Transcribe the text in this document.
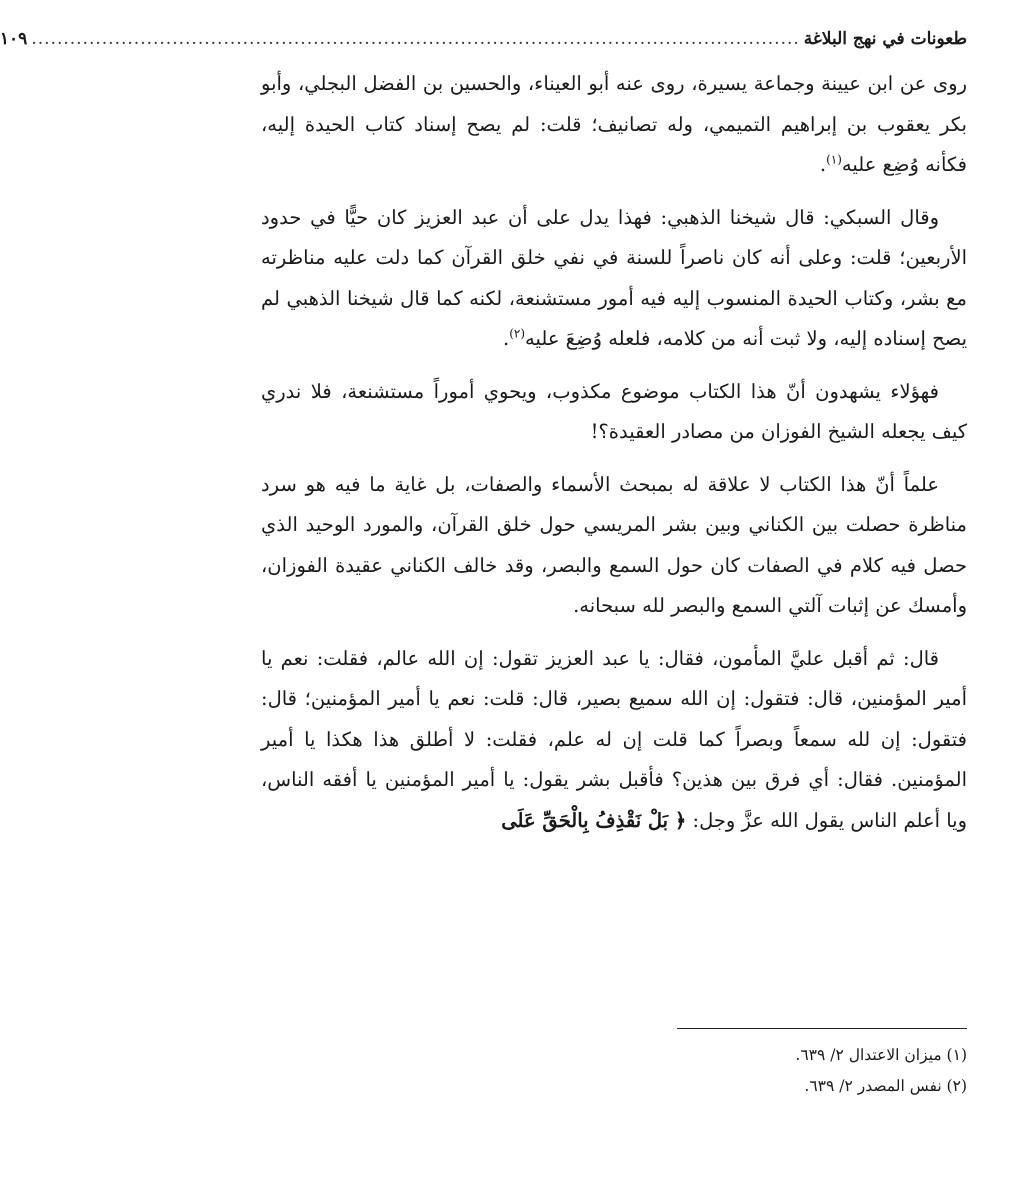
طعونات في نهج البلاغة
........................................................................................................................
١٠٩

روى عن ابن عيينة وجماعة يسيرة، روى عنه أبو العيناء، والحسين بن الفضل البجلي، وأبو بكر يعقوب بن إبراهيم التميمي، وله تصانيف؛ قلت: لم يصح إسناد كتاب الحيدة إليه، فكأنه وُضِع عليه$^{(١)}$.

وقال السبكي: قال شيخنا الذهبي: فهذا يدل على أن عبد العزيز كان حيًّا في حدود الأربعين؛ قلت: وعلى أنه كان ناصراً للسنة في نفي خلق القرآن كما دلت عليه مناظرته مع بشر، وكتاب الحيدة المنسوب إليه فيه أمور مستشنعة، لكنه كما قال شيخنا الذهبي لم يصح إسناده إليه، ولا ثبت أنه من كلامه، فلعله وُضِعَ عليه$^{(٢)}$.

فهؤلاء يشهدون أنّ هذا الكتاب موضوع مكذوب، ويحوي أموراً مستشنعة، فلا ندري كيف يجعله الشيخ الفوزان من مصادر العقيدة؟!

علماً أنّ هذا الكتاب لا علاقة له بمبحث الأسماء والصفات، بل غاية ما فيه هو سرد مناظرة حصلت بين الكناني وبين بشر المريسي حول خلق القرآن، والمورد الوحيد الذي حصل فيه كلام في الصفات كان حول السمع والبصر، وقد خالف الكناني عقيدة الفوزان، وأمسك عن إثبات آلتي السمع والبصر لله سبحانه.

قال: ثم أقبل عليَّ المأمون، فقال: يا عبد العزيز تقول: إن الله عالم، فقلت: نعم يا أمير المؤمنين، قال: فتقول: إن الله سميع بصير، قال: قلت: نعم يا أمير المؤمنين؛ قال: فتقول: إن لله سمعاً وبصراً كما قلت إن له علم، فقلت: لا أطلق هذا هكذا يا أمير المؤمنين. فقال: أي فرق بين هذين؟ فأقبل بشر يقول: يا أمير المؤمنين يا أفقه الناس، ويا أعلم الناس يقول الله عزَّ وجل: ﴿ بَلْ نَقْذِفُ بِالْحَقِّ عَلَى

(١) ميزان الاعتدال ٢/ ٦٣٩.

(٢) نفس المصدر ٢/ ٦٣٩.
